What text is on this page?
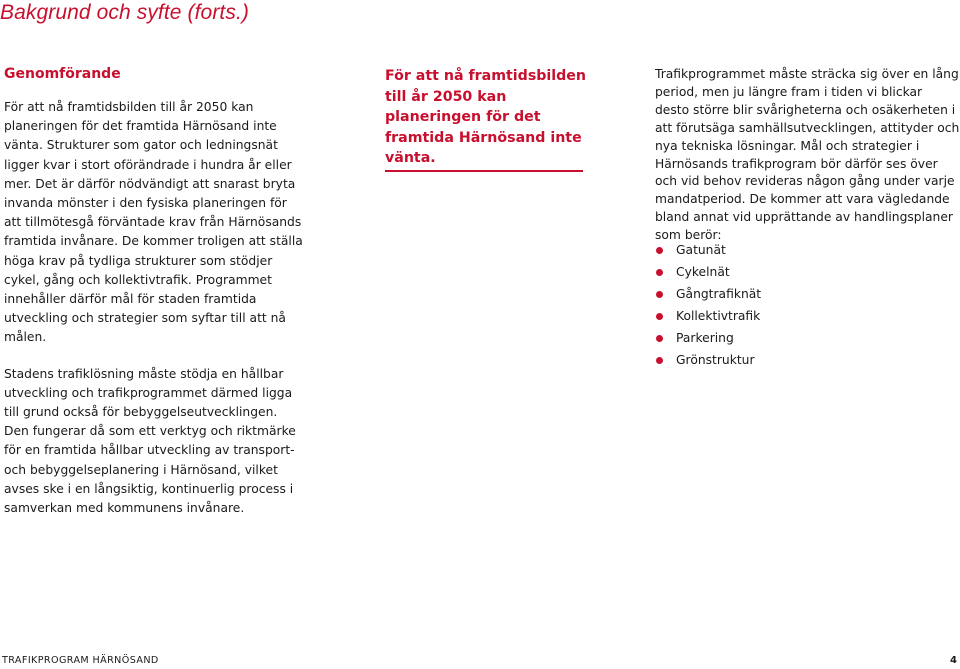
Bakgrund och syfte (forts.)
Genomförande

För att nå framtidsbilden till år 2050 kan planeringen för det framtida Härnösand inte vänta. Strukturer som gator och ledningsnät ligger kvar i stort oförändrade i hundra år eller mer. Det är därför nödvändigt att snarast bryta invanda mönster i den fysiska planeringen för att tillmötesgå förväntade krav från Härnösands framtida invånare. De kommer troligen att ställa höga krav på tydliga strukturer som stödjer cykel, gång och kollektivtrafik. Programmet innehåller därför mål för staden framtida utveckling och strategier som syftar till att nå målen.

Stadens trafiklösning måste stödja en hållbar utveckling och trafikprogrammet därmed ligga till grund också för bebyggelseutvecklingen. Den fungerar då som ett verktyg och riktmärke för en framtida hållbar utveckling av transport- och bebyggelseplanering i Härnösand, vilket avses ske i en långsiktig, kontinuerlig process i samverkan med kommunens invånare.

För att nå framtidsbilden till år 2050 kan planeringen för det framtida Härnösand inte vänta.

Trafikprogrammet måste sträcka sig över en lång period, men ju längre fram i tiden vi blickar desto större blir svårigheterna och osäkerheten i att förutsäga samhällsutvecklingen, attityder och nya tekniska lösningar. Mål och strategier i Härnösands trafikprogram bör därför ses över och vid behov revideras någon gång under varje mandatperiod. De kommer att vara vägledande bland annat vid upprättande av handlingsplaner som berör:

Gatunät
Cykelnät
Gångtrafiknät
Kollektivtrafik
Parkering
Grönstruktur
TRAFIKPROGRAM HÄRNÖSAND	4
